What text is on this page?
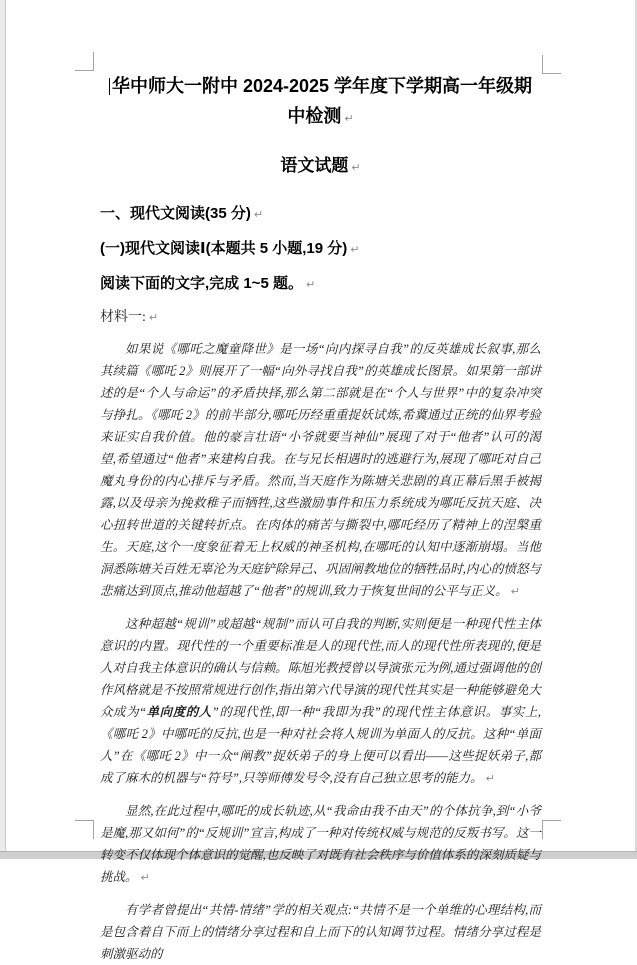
华中师大一附中 2024-2025 学年度下学期高一年级期中检测 ↵
语文试题 ↵

一、现代文阅读(35 分) ↵

(一)现代文阅读Ⅰ(本题共 5 小题,19 分) ↵

阅读下面的文字,完成 1~5 题。 ↵

材料一: ↵

如果说《哪吒之魔童降世》是一场“向内探寻自我”的反英雄成长叙事,那么其续篇《哪吒 2》则展开了一幅“向外寻找自我”的英雄成长图景。如果第一部讲述的是“个人与命运”的矛盾抉择,那么第二部就是在“个人与世界”中的复杂冲突与挣扎。《哪吒 2》的前半部分,哪吒历经重重捉妖试炼,希冀通过正统的仙界考验来证实自我价值。他的豪言壮语“小爷就要当神仙”展现了对于“他者”认可的渴望,希望通过“他者”来建构自我。在与兄长相遇时的逃避行为,展现了哪吒对自己魔丸身份的内心排斥与矛盾。然而,当天庭作为陈塘关悲剧的真正幕后黑手被揭露,以及母亲为挽救稚子而牺牲,这些激励事件和压力系统成为哪吒反抗天庭、决心扭转世道的关键转折点。在肉体的痛苦与撕裂中,哪吒经历了精神上的涅槃重生。天庭,这个一度象征着无上权威的神圣机构,在哪吒的认知中逐渐崩塌。当他洞悉陈塘关百姓无辜沦为天庭铲除异己、巩固阐教地位的牺牲品时,内心的愤怒与悲痛达到顶点,推动他超越了“他者”的规训,致力于恢复世间的公平与正义。 ↵

这种超越“规训”或超越“规制”而认可自我的判断,实则便是一种现代性主体意识的内置。现代性的一个重要标准是人的现代性,而人的现代性所表现的,便是人对自我主体意识的确认与信赖。陈旭光教授曾以导演张元为例,通过强调他的创作风格就是不按照常规进行创作,指出第六代导演的现代性其实是一种能够避免大众成为“单向度的人”的现代性,即一种“我即为我”的现代性主体意识。事实上,《哪吒 2》中哪吒的反抗,也是一种对社会将人规训为单面人的反抗。这种“单面人”在《哪吒 2》中一众“阐教”捉妖弟子的身上便可以看出——这些捉妖弟子,都成了麻木的机器与“符号”,只等师傅发号令,没有自己独立思考的能力。 ↵

显然,在此过程中,哪吒的成长轨迹,从“我命由我不由天”的个体抗争,到“小爷是魔,那又如何”的“反规训”宣言,构成了一种对传统权威与规范的反叛书写。这一转变不仅体现个体意识的觉醒,也反映了对既有社会秩序与价值体系的深刻质疑与挑战。 ↵

有学者曾提出“共情-情绪”学的相关观点:“共情不是一个单维的心理结构,而是包含着自下而上的情绪分享过程和自上而下的认知调节过程。情绪分享过程是刺激驱动的
